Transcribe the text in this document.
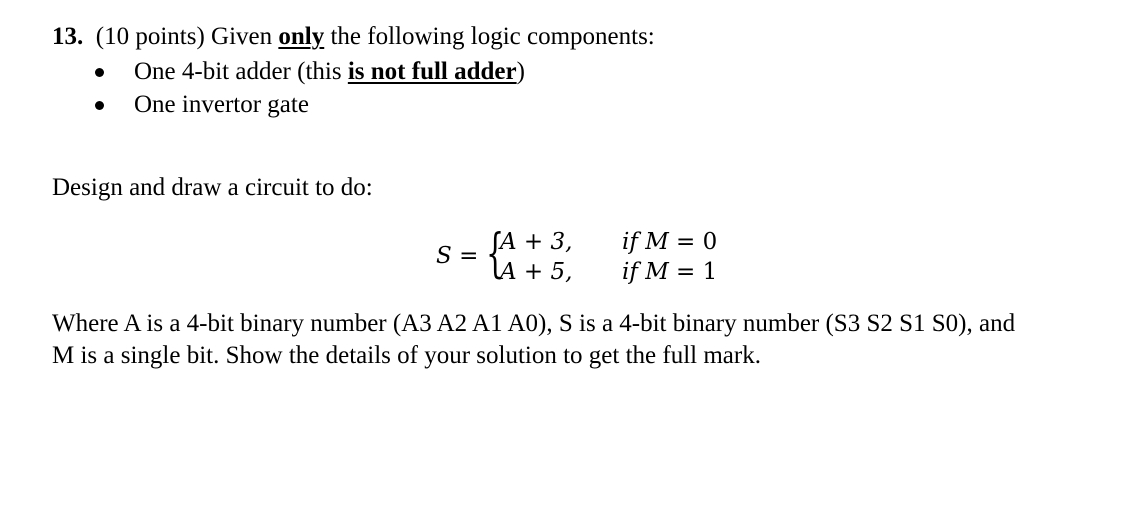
13. (10 points) Given only the following logic components:
One 4-bit adder (this is not full adder)
One invertor gate
Design and draw a circuit to do:
S = {
A + 3, if M = 0
A + 5, if M = 1
Where A is a 4-bit binary number (A3 A2 A1 A0), S is a 4-bit binary number (S3 S2 S1 S0), and
M is a single bit. Show the details of your solution to get the full mark.
